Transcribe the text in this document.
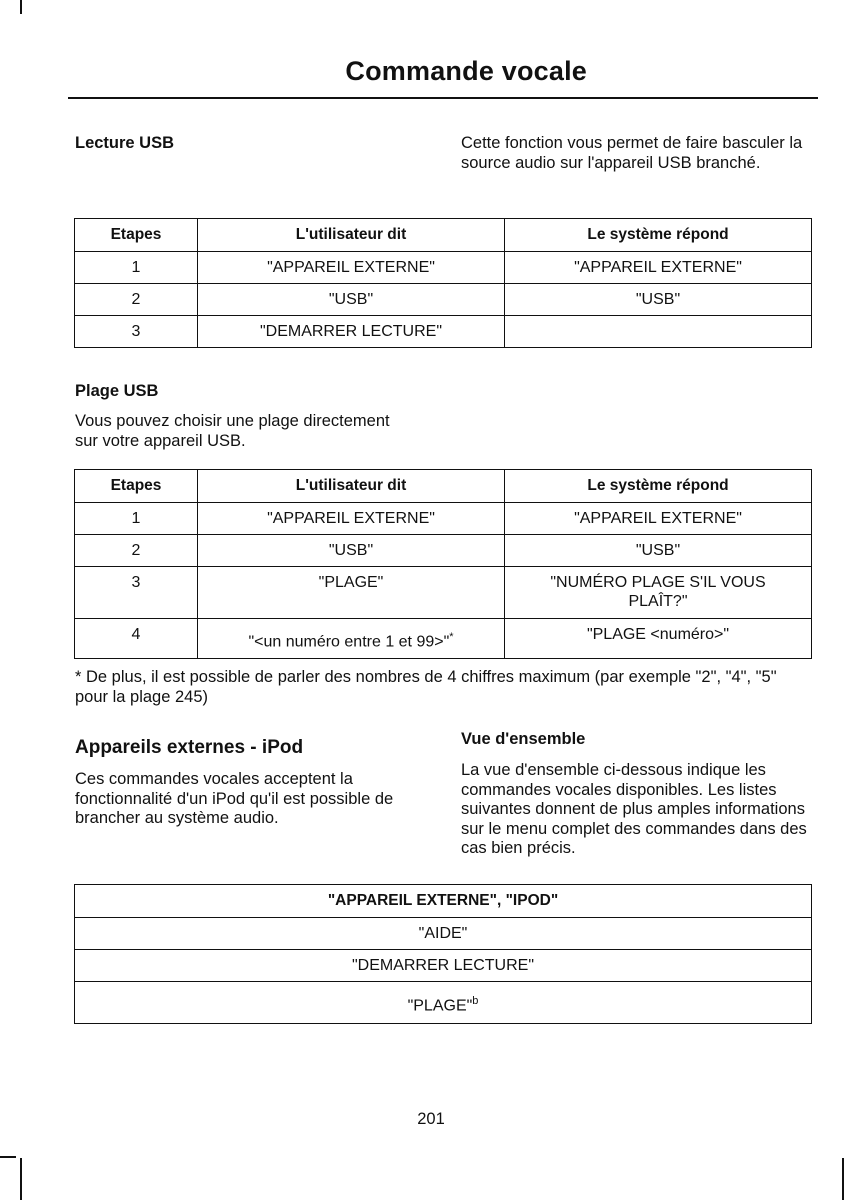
Commande vocale
Lecture USB	Cette fonction vous permet de faire basculer la source audio sur l'appareil USB branché.
Etapes	L'utilisateur dit	Le système répond

1	"APPAREIL EXTERNE"	"APPAREIL EXTERNE"

2	"USB"	"USB"

3	"DEMARRER LECTURE"	

Plage USB
Vous pouvez choisir une plage directement sur votre appareil USB.
Etapes	L'utilisateur dit	Le système répond

1	"APPAREIL EXTERNE"	"APPAREIL EXTERNE"

2	"USB"	"USB"

3	"PLAGE"	"NUMÉRO PLAGE S'IL VOUS PLAÎT?"

4	"<un numéro entre 1 et 99>"*	"PLAGE <numéro>"
* De plus, il est possible de parler des nombres de 4 chiffres maximum (par exemple "2", "4", "5" pour la plage 245)
Appareils externes - iPod
Ces commandes vocales acceptent la fonctionnalité d'un iPod qu'il est possible de brancher au système audio.
Vue d'ensemble
La vue d'ensemble ci-dessous indique les commandes vocales disponibles. Les listes suivantes donnent de plus amples informations sur le menu complet des commandes dans des cas bien précis.
"APPAREIL EXTERNE", "IPOD"

"AIDE"

"DEMARRER LECTURE"

"PLAGE"$^b$
201
